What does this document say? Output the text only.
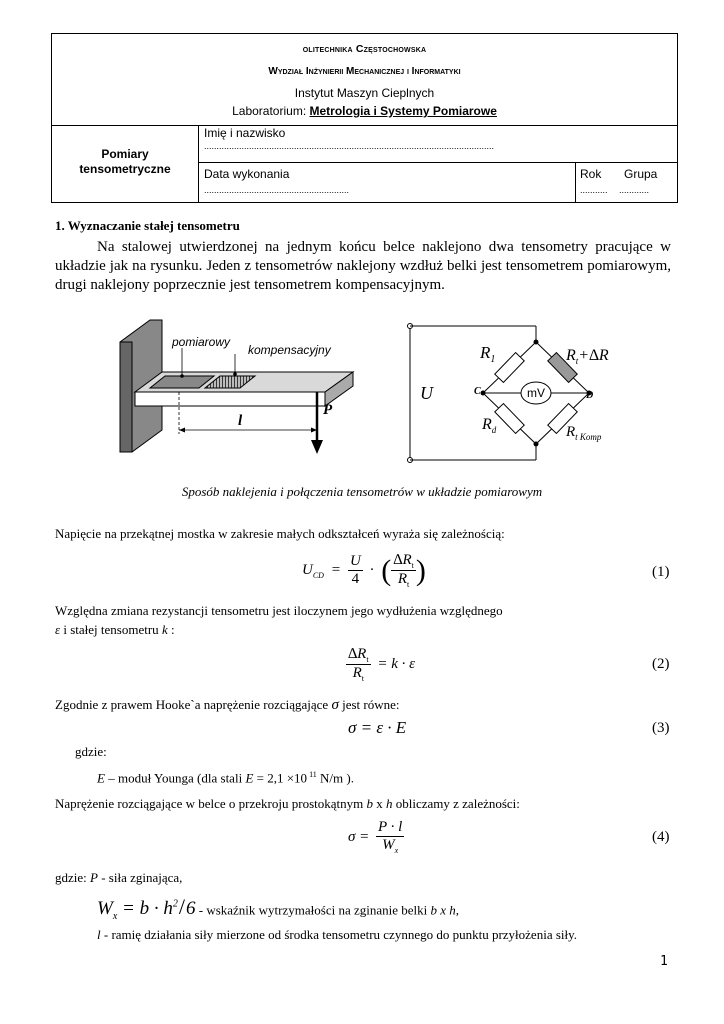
olitechnika Częstochowska
Wydział Inżynierii Mechanicznej i Informatyki
Instytut Maszyn Cieplnych
Laboratorium: Metrologia i Systemy Pomiarowe
Pomiary
tensometryczne
Imię i nazwisko
....................................................................................................................
Data wykonania
..........................................................
Rok
...........
Grupa
............
1. Wyznaczanie stałej tensometru
Na stalowej utwierdzonej na jednym końcu belce naklejono dwa tensometry pracujące w układzie jak na rysunku. Jeden z tensometrów naklejony wzdłuż belki jest tensometrem pomiarowym, drugi naklejony poprzecznie jest tensometrem kompensacyjnym.
pomiarowy
kompensacyjny
l
P
mV
U	C	D
$R_1$	$R_t+\Delta R$
$R_d$	$R_{t Komp}$
Sposób naklejenia i połączenia tensometrów w układzie pomiarowym
Napięcie na przekątnej mostka w zakresie małych odkształceń wyraża się zależnością:
$U_{CD} = \frac{U}{4}$ · ( $\frac{\Delta R_t}{R_t}$ )	(1)
Względna zmiana rezystancji tensometru jest iloczynem jego wydłużenia względnego
ε i stałej tensometru k :
$\frac{\Delta R_t}{R_t} = k \cdot \varepsilon$	(2)
Zgodnie z prawem Hooke`a naprężenie rozciągające σ jest równe:
σ = ε · E	(3)
gdzie:
E – moduł Younga (dla stali E = 2,1 ×10 $^{11}$ N/m ).
Naprężenie rozciągające w belce o przekroju prostokątnym b x h obliczamy z zależności:
$\sigma = \frac{P \cdot l}{W_x}$	(4)
gdzie: P - siła zginająca,
$W_x = b \cdot h^2/6$ - wskaźnik wytrzymałości na zginanie belki b x h,
l - ramię działania siły mierzone od środka tensometru czynnego do punktu przyłożenia siły.
1
